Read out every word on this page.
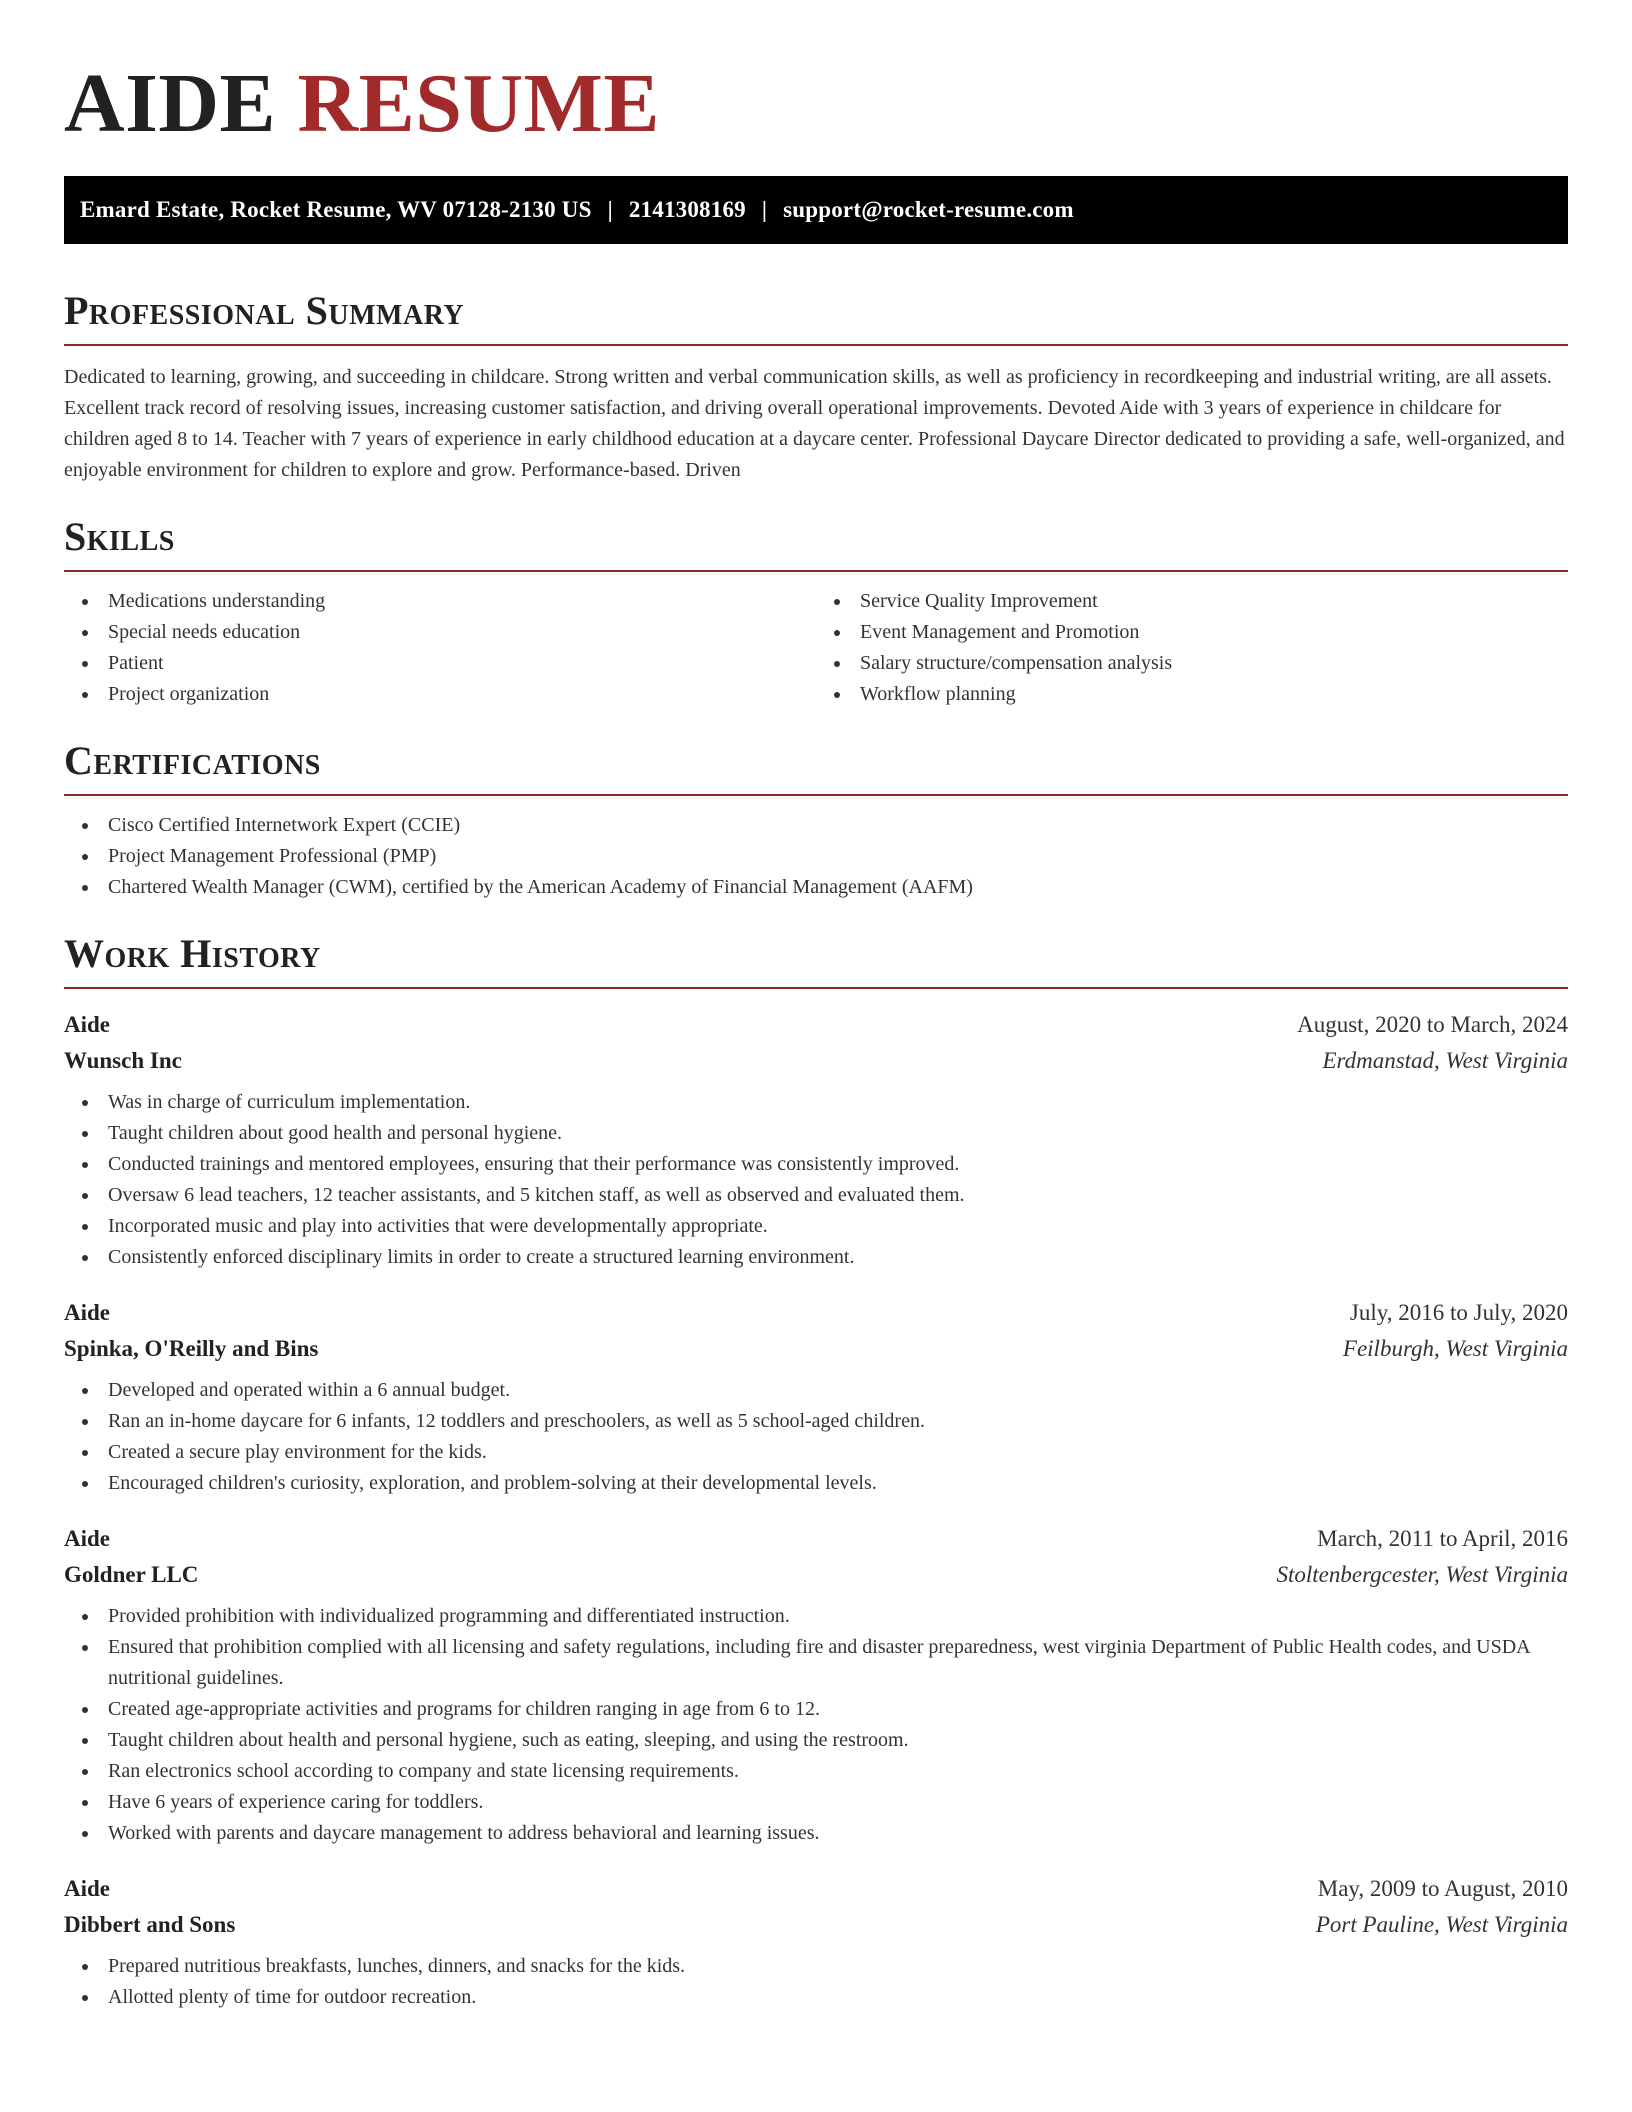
AIDE RESUME
Emard Estate, Rocket Resume, WV 07128-2130 US | 2141308169 | support@rocket-resume.com
Professional Summary

Dedicated to learning, growing, and succeeding in childcare. Strong written and verbal communication skills, as well as proficiency in recordkeeping and industrial writing, are all assets. Excellent track record of resolving issues, increasing customer satisfaction, and driving overall operational improvements. Devoted Aide with 3 years of experience in childcare for children aged 8 to 14. Teacher with 7 years of experience in early childhood education at a daycare center. Professional Daycare Director dedicated to providing a safe, well-organized, and enjoyable environment for children to explore and grow. Performance-based. Driven

Skills
Medications understanding
Special needs education
Patient
Project organization
Service Quality Improvement
Event Management and Promotion
Salary structure/compensation analysis
Workflow planning
Certifications
Cisco Certified Internetwork Expert (CCIE)
Project Management Professional (PMP)
Chartered Wealth Manager (CWM), certified by the American Academy of Financial Management (AAFM)
Work History
Aide	August, 2020 to March, 2024
Wunsch Inc	Erdmanstad, West Virginia
Was in charge of curriculum implementation.
Taught children about good health and personal hygiene.
Conducted trainings and mentored employees, ensuring that their performance was consistently improved.
Oversaw 6 lead teachers, 12 teacher assistants, and 5 kitchen staff, as well as observed and evaluated them.
Incorporated music and play into activities that were developmentally appropriate.
Consistently enforced disciplinary limits in order to create a structured learning environment.
Aide	July, 2016 to July, 2020
Spinka, O'Reilly and Bins	Feilburgh, West Virginia
Developed and operated within a 6 annual budget.
Ran an in-home daycare for 6 infants, 12 toddlers and preschoolers, as well as 5 school-aged children.
Created a secure play environment for the kids.
Encouraged children's curiosity, exploration, and problem-solving at their developmental levels.
Aide	March, 2011 to April, 2016
Goldner LLC	Stoltenbergcester, West Virginia
Provided prohibition with individualized programming and differentiated instruction.
Ensured that prohibition complied with all licensing and safety regulations, including fire and disaster preparedness, west virginia Department of Public Health codes, and USDA nutritional guidelines.
Created age-appropriate activities and programs for children ranging in age from 6 to 12.
Taught children about health and personal hygiene, such as eating, sleeping, and using the restroom.
Ran electronics school according to company and state licensing requirements.
Have 6 years of experience caring for toddlers.
Worked with parents and daycare management to address behavioral and learning issues.
Aide	May, 2009 to August, 2010
Dibbert and Sons	Port Pauline, West Virginia
Prepared nutritious breakfasts, lunches, dinners, and snacks for the kids.
Allotted plenty of time for outdoor recreation.
